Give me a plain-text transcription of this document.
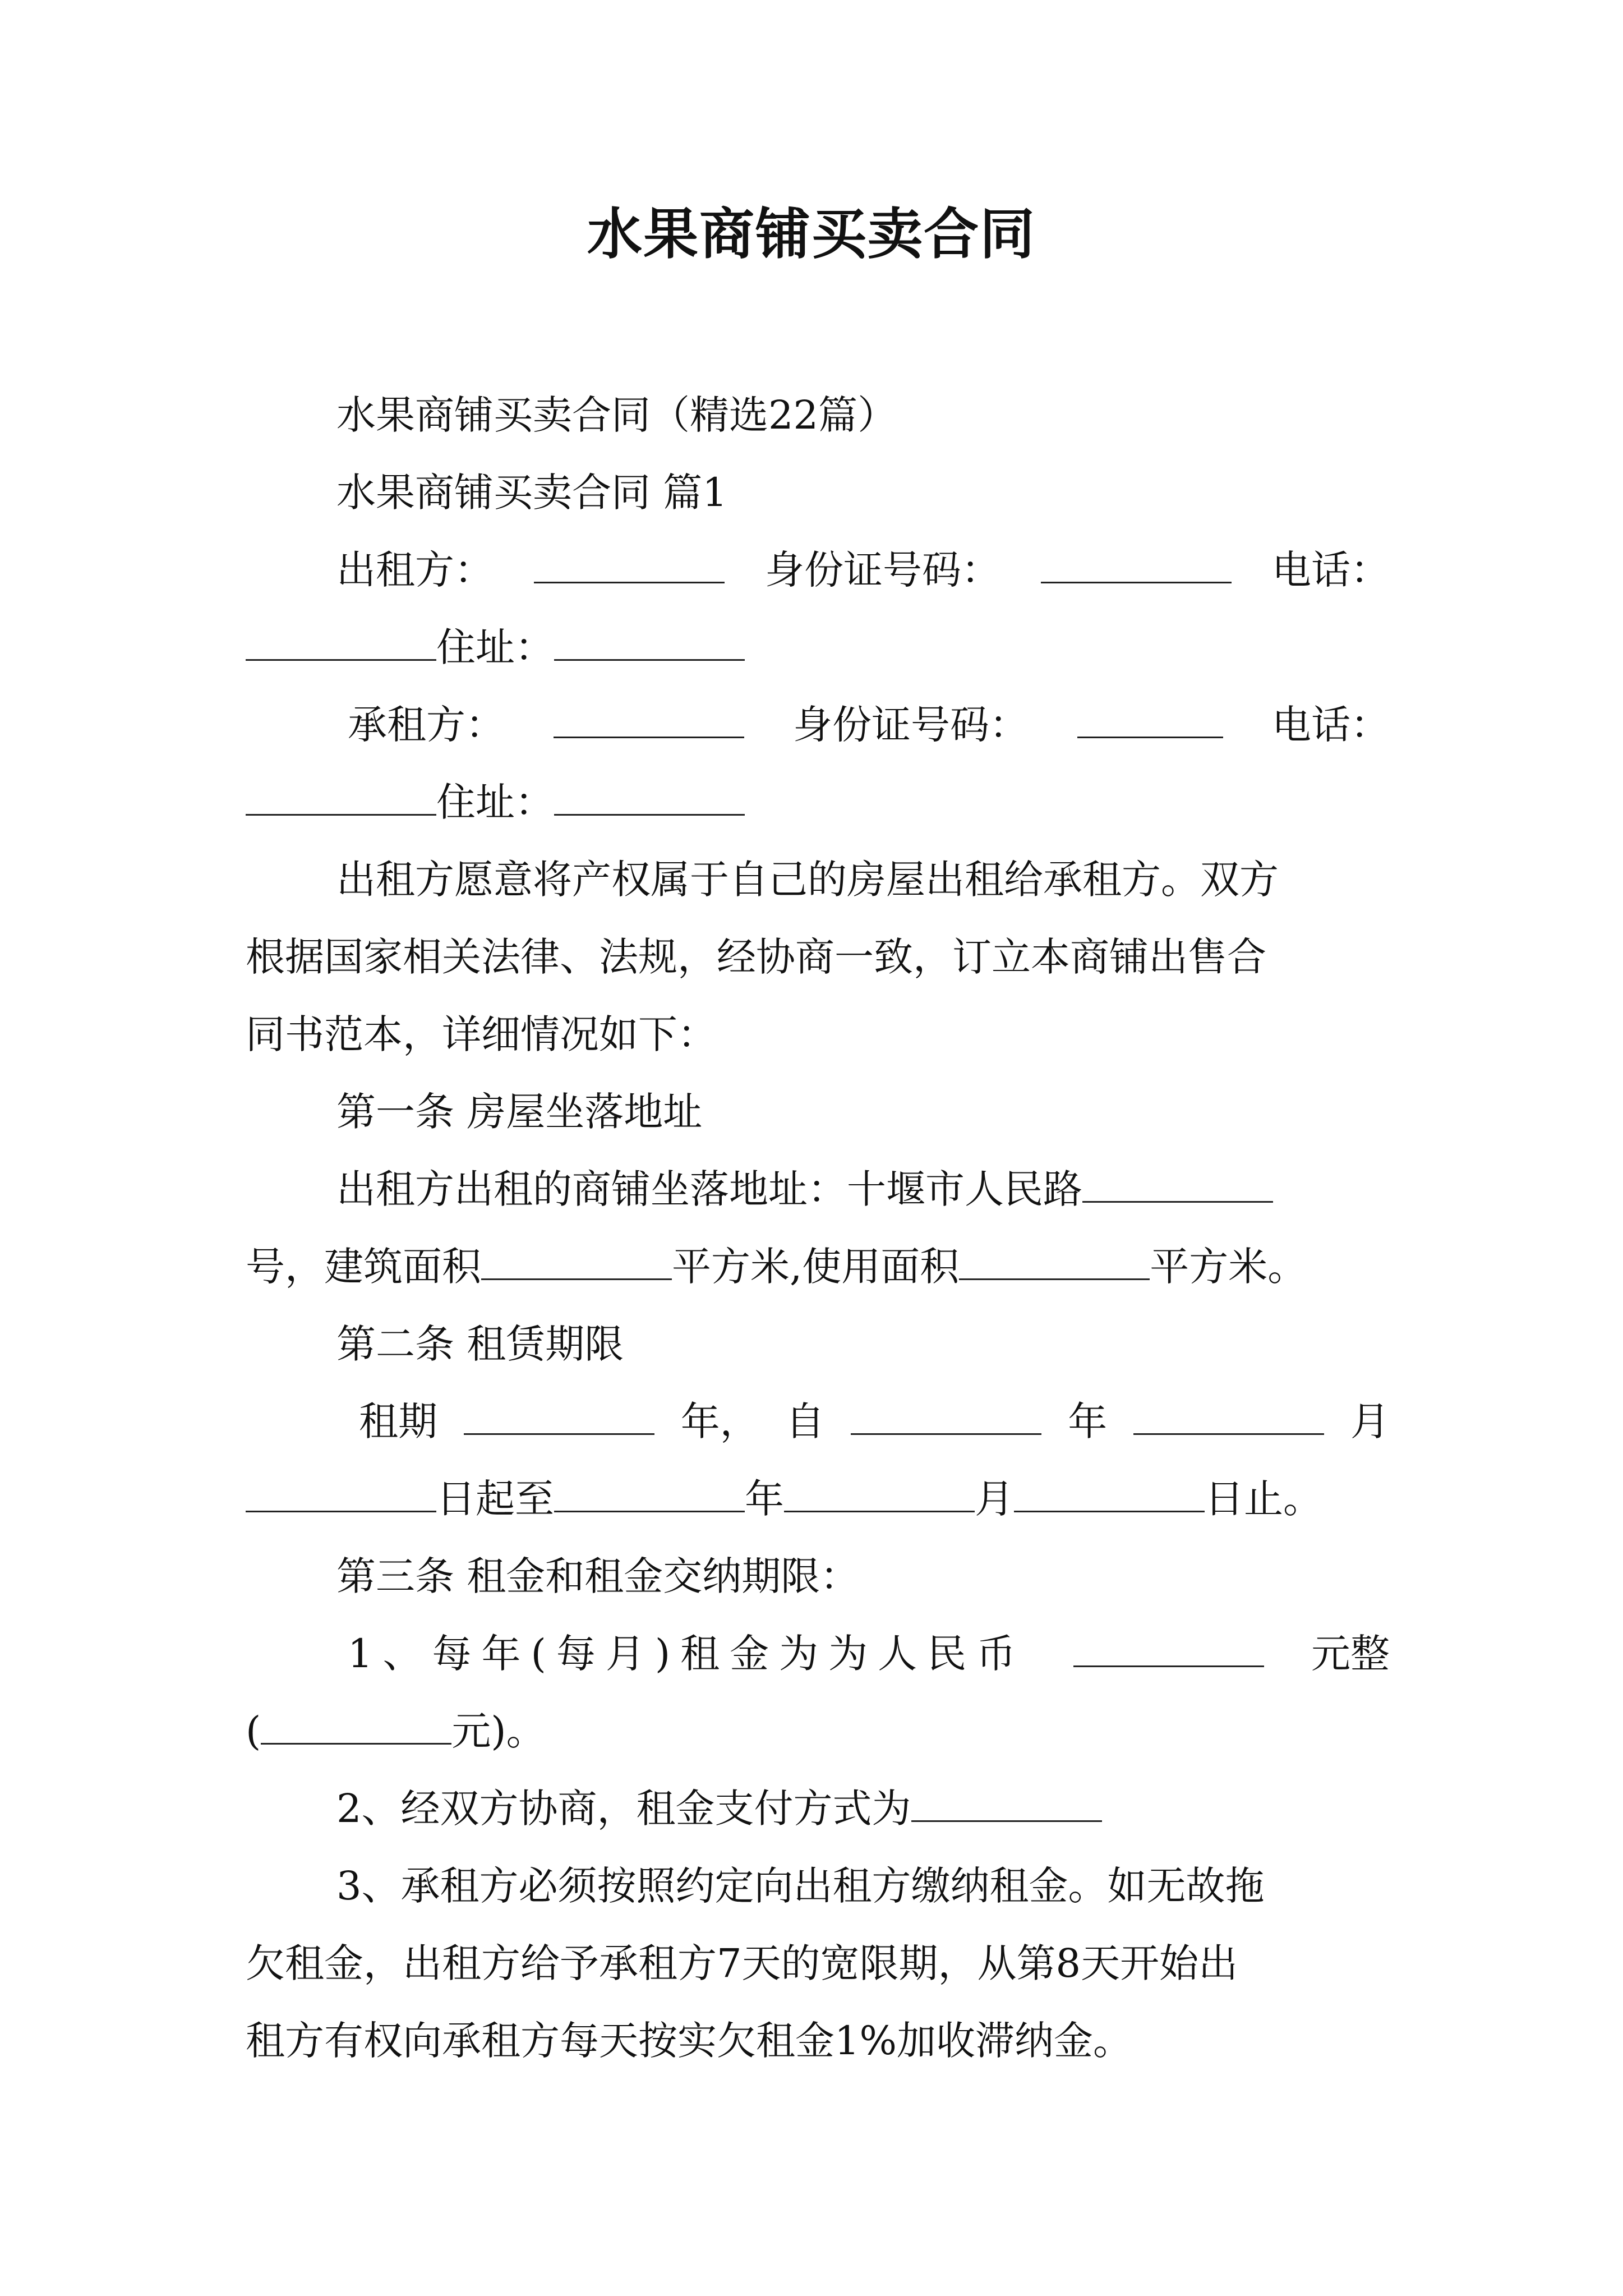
水果商铺买卖合同
水果商铺买卖合同（精选22篇）
水果商铺买卖合同 篇1
出租方：	身份证号码：	电话：
住址：
承租方：	身份证号码：	电话：
住址：
出租方愿意将产权属于自己的房屋出租给承租方。双方
根据国家相关法律、法规，经协商一致，订立本商铺出售合
同书范本，详细情况如下：
第一条 房屋坐落地址
出租方出租的商铺坐落地址：十堰市人民路
号，建筑面积	平方米,使用面积	平方米。
第二条 租赁期限
租期	年， 自	年	月
日起至	年	月	日止。
第三条 租金和租金交纳期限：
1、每年(每月)租金为为人民币	元整
(	元)。
2、经双方协商，租金支付方式为
3、承租方必须按照约定向出租方缴纳租金。如无故拖
欠租金，出租方给予承租方7天的宽限期，从第8天开始出
租方有权向承租方每天按实欠租金1%加收滞纳金。
